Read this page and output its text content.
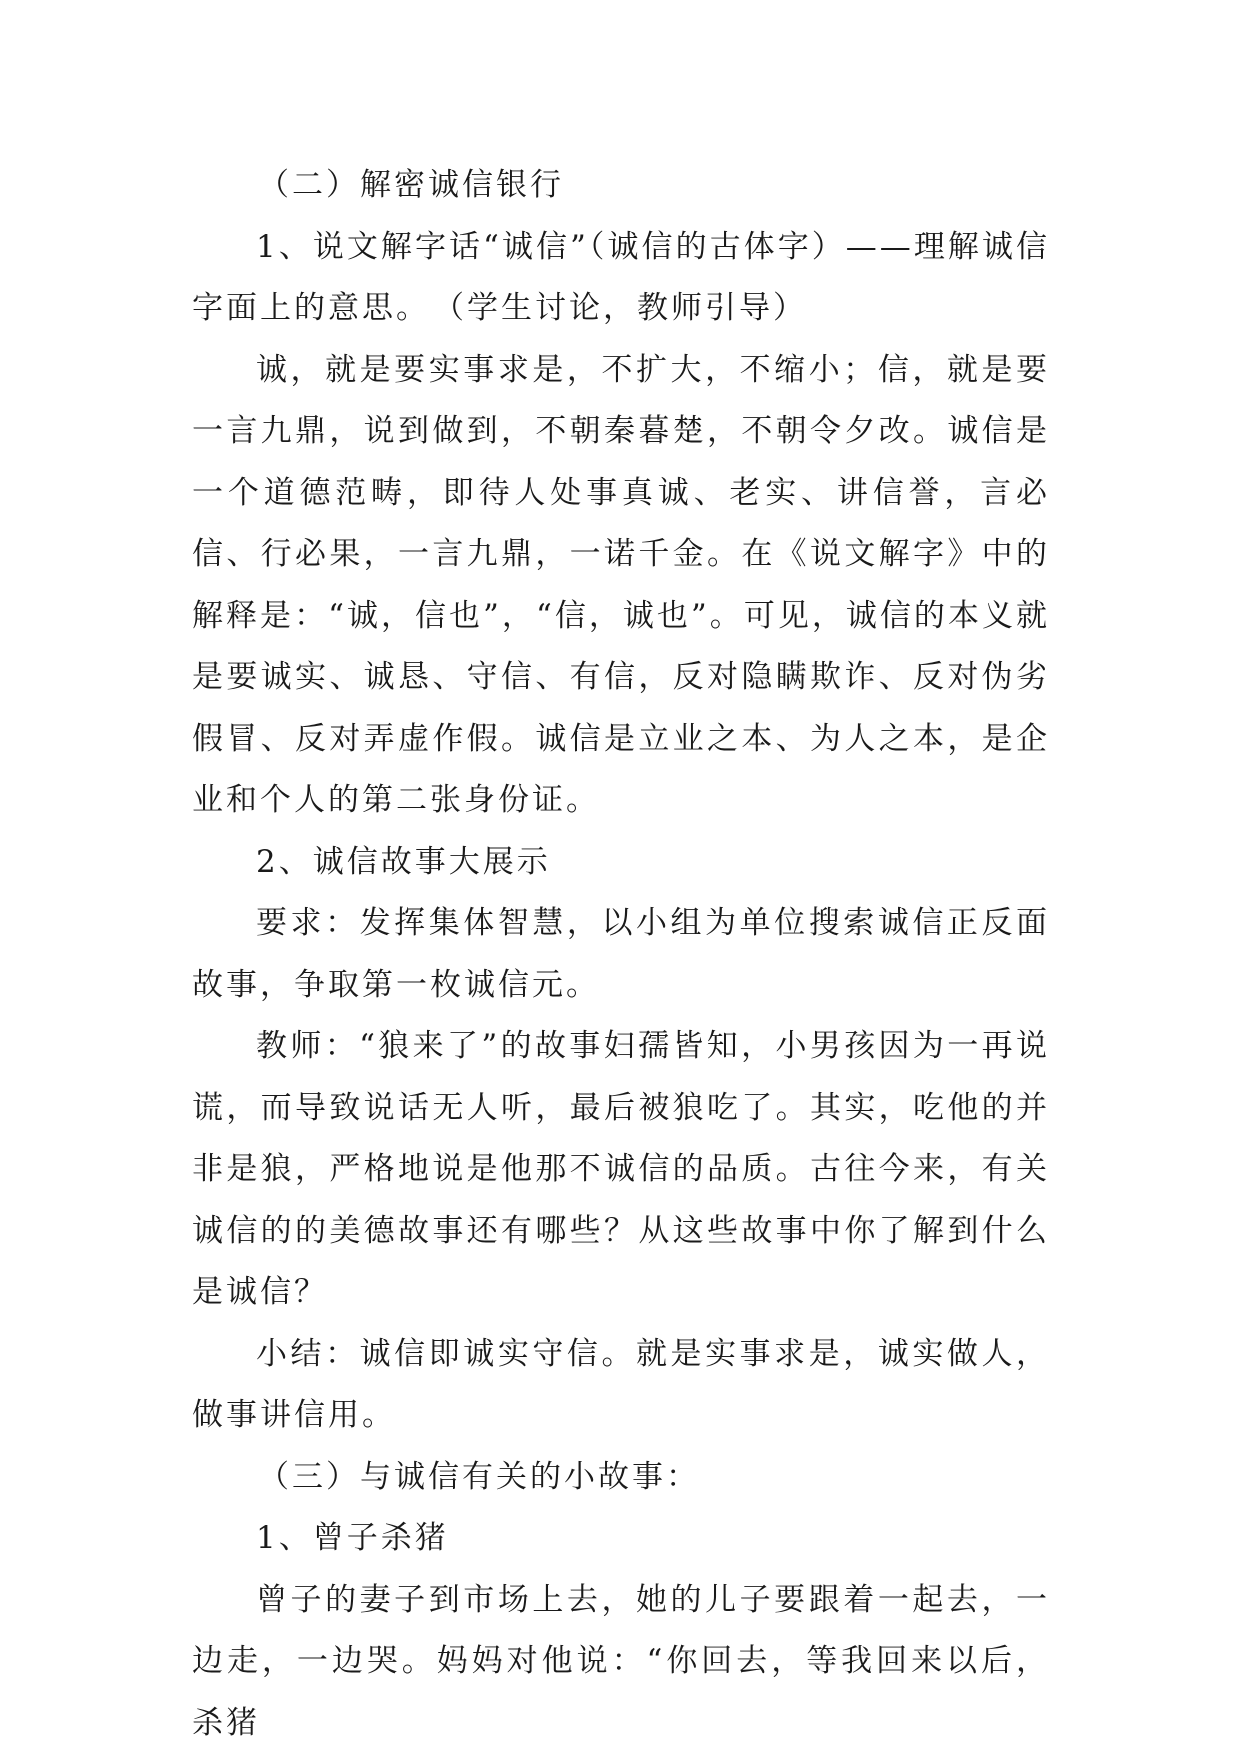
（二）解密诚信银行

1、说文解字话“诚信”（诚信的古体字）——理解诚信字面上的意思。　（学生讨论，教师引导）

诚，就是要实事求是，不扩大，不缩小；信，就是要一言九鼎，说到做到，不朝秦暮楚，不朝令夕改。诚信是一个道德范畴，即待人处事真诚、老实、讲信誉，言必信、行必果，一言九鼎，一诺千金。在《说文解字》中的解释是：“诚，信也”，“信，诚也”。可见，诚信的本义就是要诚实、诚恳、守信、有信，反对隐瞒欺诈、反对伪劣假冒、反对弄虚作假。诚信是立业之本、为人之本，是企业和个人的第二张身份证。

2、诚信故事大展示

要求：发挥集体智慧，以小组为单位搜索诚信正反面故事，争取第一枚诚信元。

教师：“狼来了”的故事妇孺皆知，小男孩因为一再说谎，而导致说话无人听，最后被狼吃了。其实，吃他的并非是狼，严格地说是他那不诚信的品质。古往今来，有关诚信的的美德故事还有哪些？从这些故事中你了解到什么是诚信？

小结：诚信即诚实守信。就是实事求是，诚实做人，做事讲信用。

（三）与诚信有关的小故事：

1、曾子杀猪

曾子的妻子到市场上去，她的儿子要跟着一起去，一边走，一边哭。妈妈对他说：“你回去，等我回来以后，杀猪
